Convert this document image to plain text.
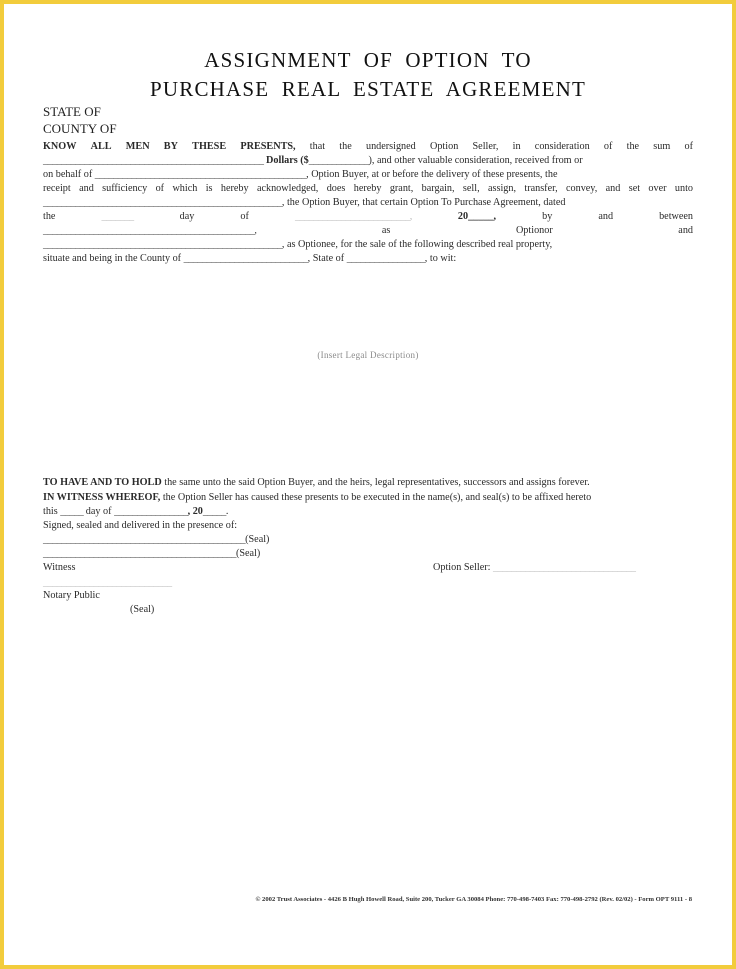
ASSIGNMENT OF OPTION TO
PURCHASE REAL ESTATE AGREEMENT
STATE OF
COUNTY OF
KNOW ALL MEN BY THESE PRESENTS, that the undersigned Option Seller, in consideration of the sum of
________________________________________________ Dollars ($_____________), and other valuable consideration, received from or
on behalf of ______________________________________________, Option Buyer, at or before the delivery of these presents, the
receipt and sufficiency of which is hereby acknowledged, does hereby grant, bargain, sell, assign, transfer, convey, and set over unto
____________________________________________________, the Option Buyer, that certain Option To Purchase Agreement, dated
the	_______	day	of	_________________________,	20_____,	by	and	between
______________________________________________,	as	Optionor	and
____________________________________________________, as Optionee, for the sale of the following described real property,
situate and being in the County of ___________________________, State of _________________, to wit:
(Insert Legal Description)
TO HAVE AND TO HOLD the same unto the said Option Buyer, and the heirs, legal representatives, successors and assigns forever.
IN WITNESS WHEREOF, the Option Seller has caused these presents to be executed in the name(s), and seal(s) to be affixed hereto
this _____ day of ________________, 20_____.
Signed, sealed and delivered in the presence of:
____________________________________________(Seal)
__________________________________________(Seal)
Witness	Option Seller: _______________________________
____________________________
Notary Public
(Seal)
© 2002 Trust Associates - 4426 B Hugh Howell Road, Suite 200, Tucker GA 30084 Phone: 770-498-7403 Fax: 770-498-2792 (Rev. 02/02) - Form OPT 9111 - 8
